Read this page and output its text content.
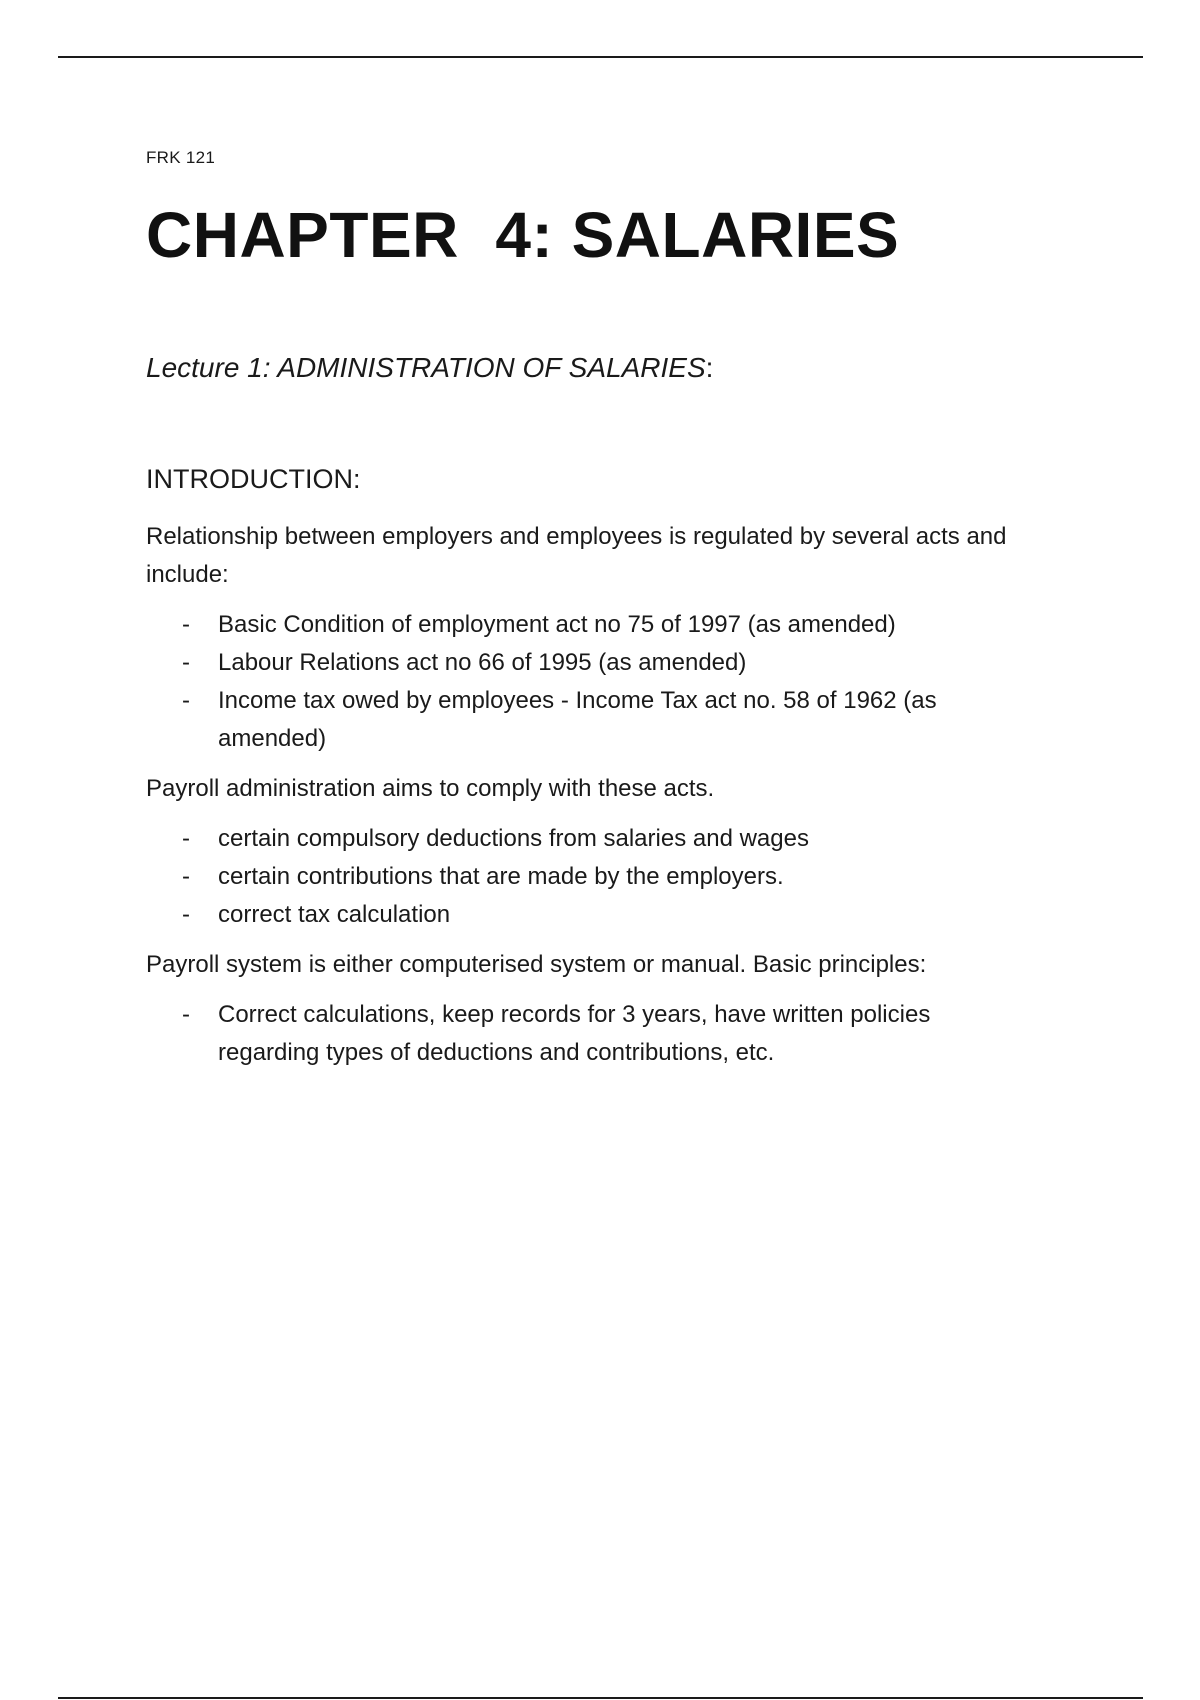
FRK 121
CHAPTER  4: SALARIES
Lecture 1: ADMINISTRATION OF SALARIES:
INTRODUCTION:

Relationship between employers and employees is regulated by several acts and include:

- Basic Condition of employment act no 75 of 1997 (as amended)
- Labour Relations act no 66 of 1995 (as amended)
- Income tax owed by employees - Income Tax act no. 58 of 1962 (as amended)

Payroll administration aims to comply with these acts.

- certain compulsory deductions from salaries and wages
- certain contributions that are made by the employers.
- correct tax calculation

Payroll system is either computerised system or manual. Basic principles:

- Correct calculations, keep records for 3 years, have written policies regarding types of deductions and contributions, etc.
